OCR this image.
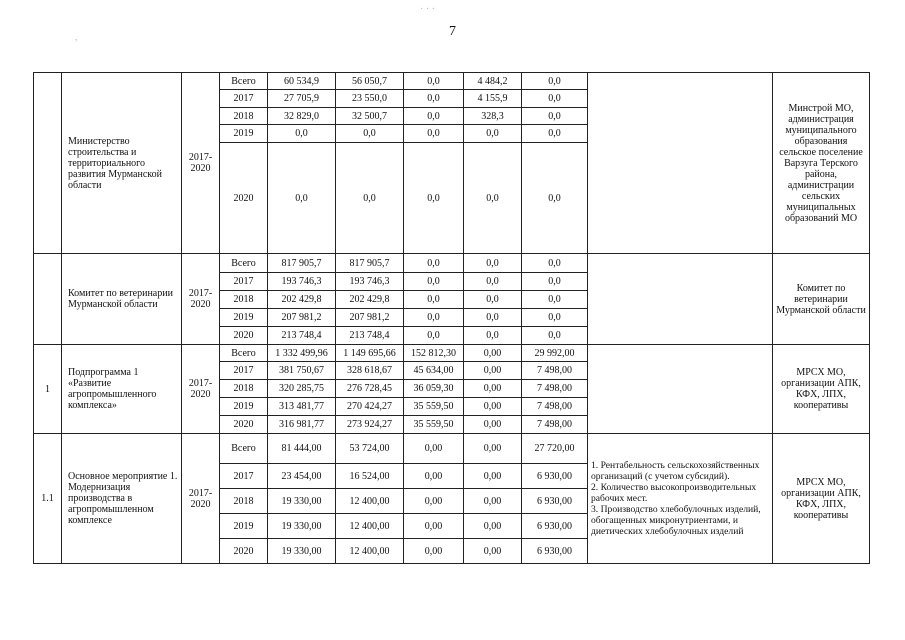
7
· · ·
,
	Министерство строительства и территориального развития Мурманской области	2017-2020	Всего	60 534,9	56 050,7	0,0	4 484,2	0,0		Минстрой МО, администрация муниципального образования сельское поселение Варзуга Терского района, администрации сельских муниципальных образований МО
			2017	27 705,9	23 550,0	0,0	4 155,9	0,0		
			2018	32 829,0	32 500,7	0,0	328,3	0,0		
			2019	0,0	0,0	0,0	0,0	0,0		
			2020	0,0	0,0	0,0	0,0	0,0		
	Комитет по ветеринарии Мурманской области	2017-2020	Всего	817 905,7	817 905,7	0,0	0,0	0,0		Комитет по ветеринарии Мурманской области
			2017	193 746,3	193 746,3	0,0	0,0	0,0		
			2018	202 429,8	202 429,8	0,0	0,0	0,0		
			2019	207 981,2	207 981,2	0,0	0,0	0,0		
			2020	213 748,4	213 748,4	0,0	0,0	0,0		
1	Подпрограмма 1 «Развитие агропромышленного комплекса»	2017-2020	Всего	1 332 499,96	1 149 695,66	152 812,30	0,00	29 992,00		МРСХ МО, организации АПК, КФХ, ЛПХ, кооперативы
			2017	381 750,67	328 618,67	45 634,00	0,00	7 498,00		
			2018	320 285,75	276 728,45	36 059,30	0,00	7 498,00		
			2019	313 481,77	270 424,27	35 559,50	0,00	7 498,00		
			2020	316 981,77	273 924,27	35 559,50	0,00	7 498,00		
1.1	Основное мероприятие 1. Модернизация производства в агропромышленном комплексе	2017-2020	Всего	81 444,00	53 724,00	0,00	0,00	27 720,00	1. Рентабельность сельскохозяйственных организаций (с учетом субсидий).
2. Количество высокопроизводительных рабочих мест.
3. Производство хлебобулочных изделий, обогащенных микронутриентами, и диетических хлебобулочных изделий	МРСХ МО, организации АПК, КФХ, ЛПХ, кооперативы
			2017	23 454,00	16 524,00	0,00	0,00	6 930,00		
			2018	19 330,00	12 400,00	0,00	0,00	6 930,00		
			2019	19 330,00	12 400,00	0,00	0,00	6 930,00		
			2020	19 330,00	12 400,00	0,00	0,00	6 930,00		
